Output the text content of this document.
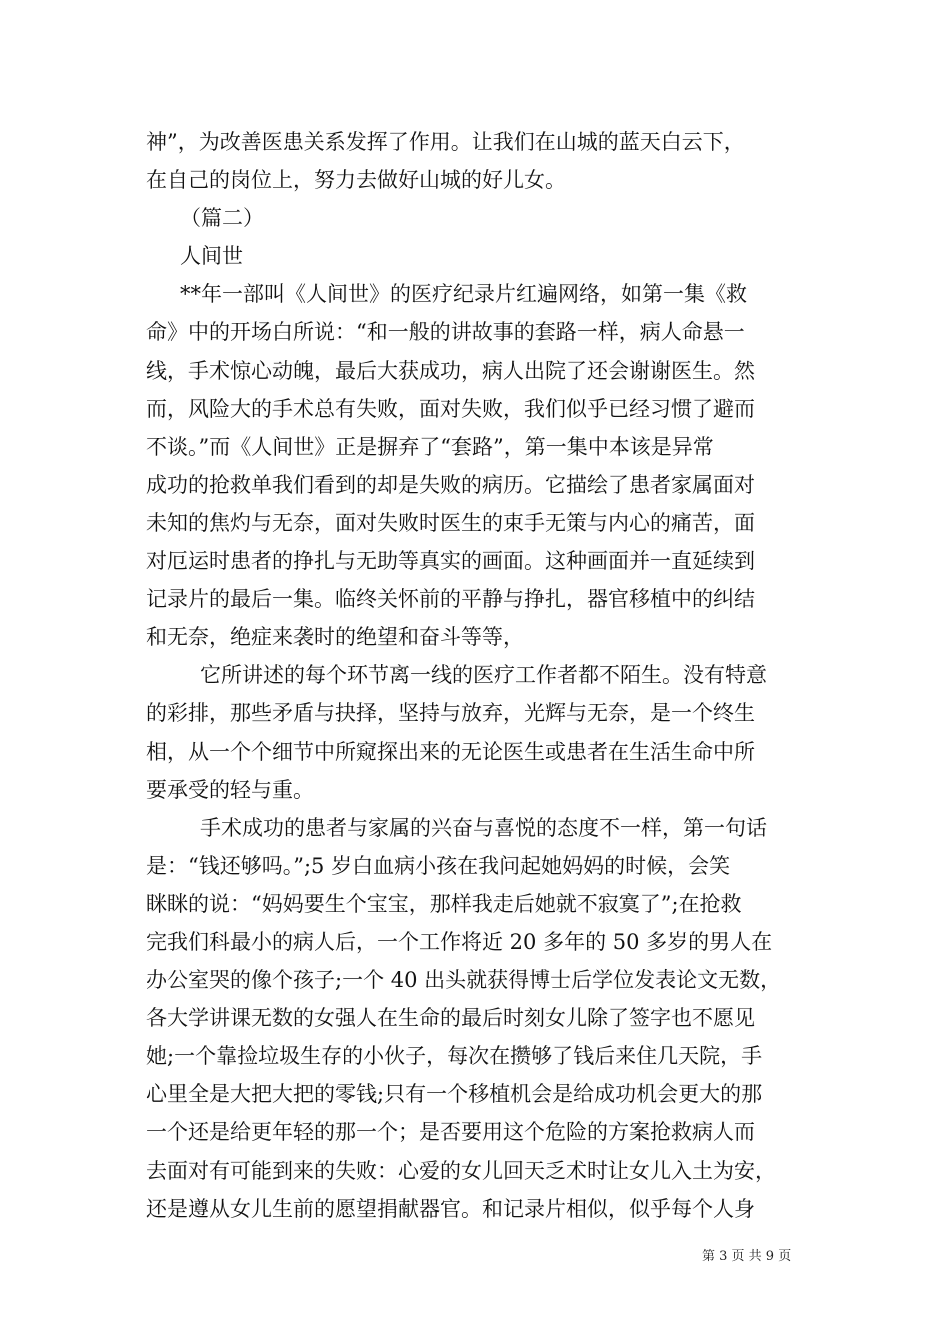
神”，为改善医患关系发挥了作用。让我们在山城的蓝天白云下，
在自己的岗位上，努力去做好山城的好儿女。

（篇二）

人间世

**年一部叫《人间世》的医疗纪录片红遍网络，如第一集《救
命》中的开场白所说：“和一般的讲故事的套路一样，病人命悬一
线，手术惊心动魄，最后大获成功，病人出院了还会谢谢医生。然
而，风险大的手术总有失败，面对失败，我们似乎已经习惯了避而
不谈。”而《人间世》正是摒弃了“套路”，第一集中本该是异常
成功的抢救单我们看到的却是失败的病历。它描绘了患者家属面对
未知的焦灼与无奈，面对失败时医生的束手无策与内心的痛苦，面
对厄运时患者的挣扎与无助等真实的画面。这种画面并一直延续到
记录片的最后一集。临终关怀前的平静与挣扎，器官移植中的纠结
和无奈，绝症来袭时的绝望和奋斗等等，

它所讲述的每个环节离一线的医疗工作者都不陌生。没有特意
的彩排，那些矛盾与抉择，坚持与放弃，光辉与无奈，是一个终生
相，从一个个细节中所窥探出来的无论医生或患者在生活生命中所
要承受的轻与重。

手术成功的患者与家属的兴奋与喜悦的态度不一样，第一句话
是：“钱还够吗。”;5 岁白血病小孩在我问起她妈妈的时候，会笑
眯眯的说：“妈妈要生个宝宝，那样我走后她就不寂寞了”;在抢救
完我们科最小的病人后，一个工作将近 20 多年的 50 多岁的男人在
办公室哭的像个孩子;一个 40 出头就获得博士后学位发表论文无数，
各大学讲课无数的女强人在生命的最后时刻女儿除了签字也不愿见
她;一个靠捡垃圾生存的小伙子，每次在攒够了钱后来住几天院，手
心里全是大把大把的零钱;只有一个移植机会是给成功机会更大的那
一个还是给更年轻的那一个；是否要用这个危险的方案抢救病人而
去面对有可能到来的失败：心爱的女儿回天乏术时让女儿入土为安，
还是遵从女儿生前的愿望捐献器官。和记录片相似，似乎每个人身

第 3 页 共 9 页
